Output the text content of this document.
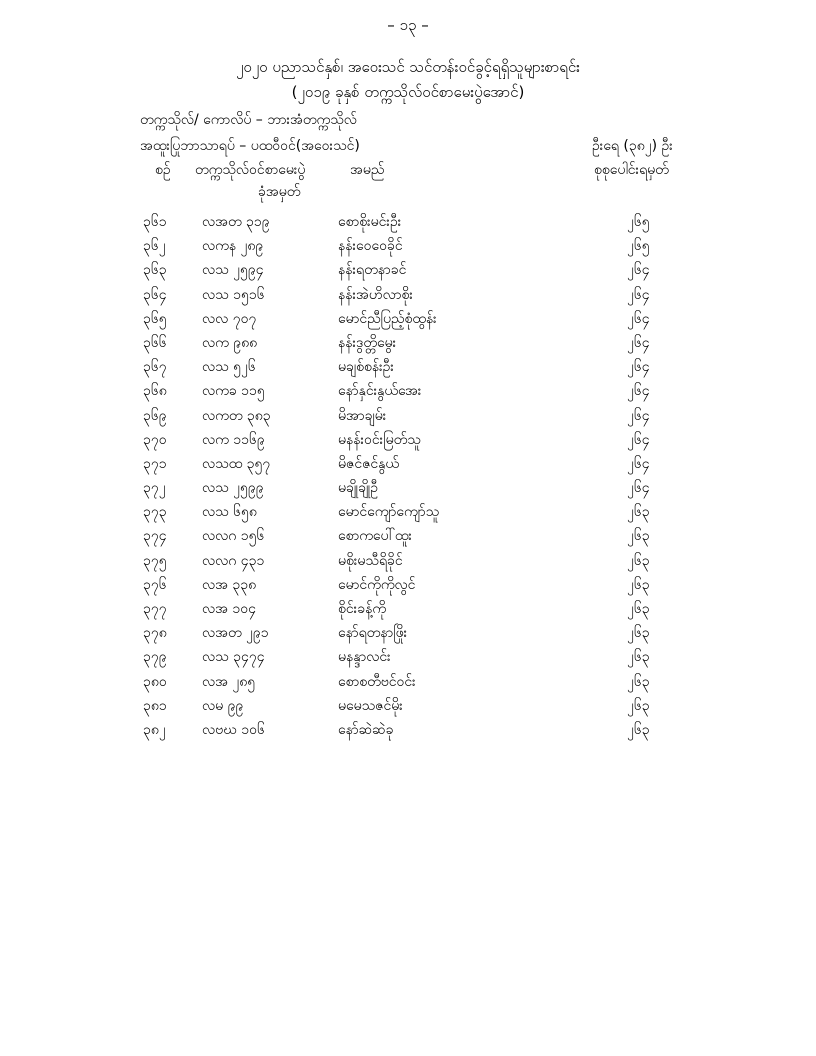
– ၁၃ –
၂၀၂၀ ပညာသင်နှစ်၊ အဝေးသင် သင်တန်းဝင်ခွင့်ရရှိသူများစာရင်း
(၂၀၁၉ ခုနှစ် တက္ကသိုလ်ဝင်စာမေးပွဲအောင်)
တက္ကသိုလ်/ ကောလိပ် – ဘားအံတက္ကသိုလ်
အထူးပြုဘာသာရပ် – ပထဝီဝင်(အဝေးသင်)	ဦးရေ (၃၈၂) ဦး
စဉ် တက္ကသိုလ်ဝင်စာမေးပွဲ
ခုံအမှတ်
အမည်	စုစုပေါင်းရမှတ်
၃၆၁	လအတ ၃၁၉	စောစိုးမင်းဦး	၂၆၅
၃၆၂	လကန ၂၈၉	နန်းဝေဝေခိုင်	၂၆၅
၃၆၃	လသ ၂၅၉၄	နန်းရတနာခင်	၂၆၄
၃၆၄	လသ ၁၅၁၆	နန်းအဲဟိလာစိုး	၂၆၄
၃၆၅	လလ ၇၀၇	မောင်ညီပြည့်စုံထွန်း	၂၆၄
၃၆၆	လက ၉၈၈	နန်းဒွတ္တိမွေး	၂၆၄
၃၆၇	လသ ၅၂၆	မချစ်စန်းဦး	၂၆၄
၃၆၈	လကခ ၁၁၅	နော်နှင်းနွယ်အေး	၂၆၄
၃၆၉	လကတ ၃၈၃	မိအာချမ်း	၂၆၄
၃၇၀	လက ၁၁၆၉	မနန်းဝင်းမြတ်သူ	၂၆၄
၃၇၁	လသထ ၃၅၇	မိဇင်ဇင်နွယ်	၂၆၄
၃၇၂	လသ ၂၅၉၉	မချိုချိုဦ	၂၆၄
၃၇၃	လသ ၆၅၈	မောင်ကျော်ကျော်သူ	၂၆၃
၃၇၄	လလဂ ၁၅၆	စောကပေါ်ထူး	၂၆၃
၃၇၅	လလဂ ၄၃၁	မစိုးမသီရိခိုင်	၂၆၃
၃၇၆	လအ ၃၃၈	မောင်ကိုကိုလွင်	၂၆၃
၃၇၇	လအ ၁၀၄	စိုင်းခန့်ကို	၂၆၃
၃၇၈	လအတ ၂၉၁	နော်ရတနာဖြိုး	၂၆၃
၃၇၉	လသ ၃၄၇၄	မနန္ဒာလင်း	၂၆၃
၃၈၀	လအ ၂၈၅	စောစတီဗင်ဝင်း	၂၆၃
၃၈၁	လမ ၉၉	မမေသဇင်မိုး	၂၆၃
၃၈၂	လဗဃ ၁၀၆	နော်ဆဲဆဲခု	၂၆၃
